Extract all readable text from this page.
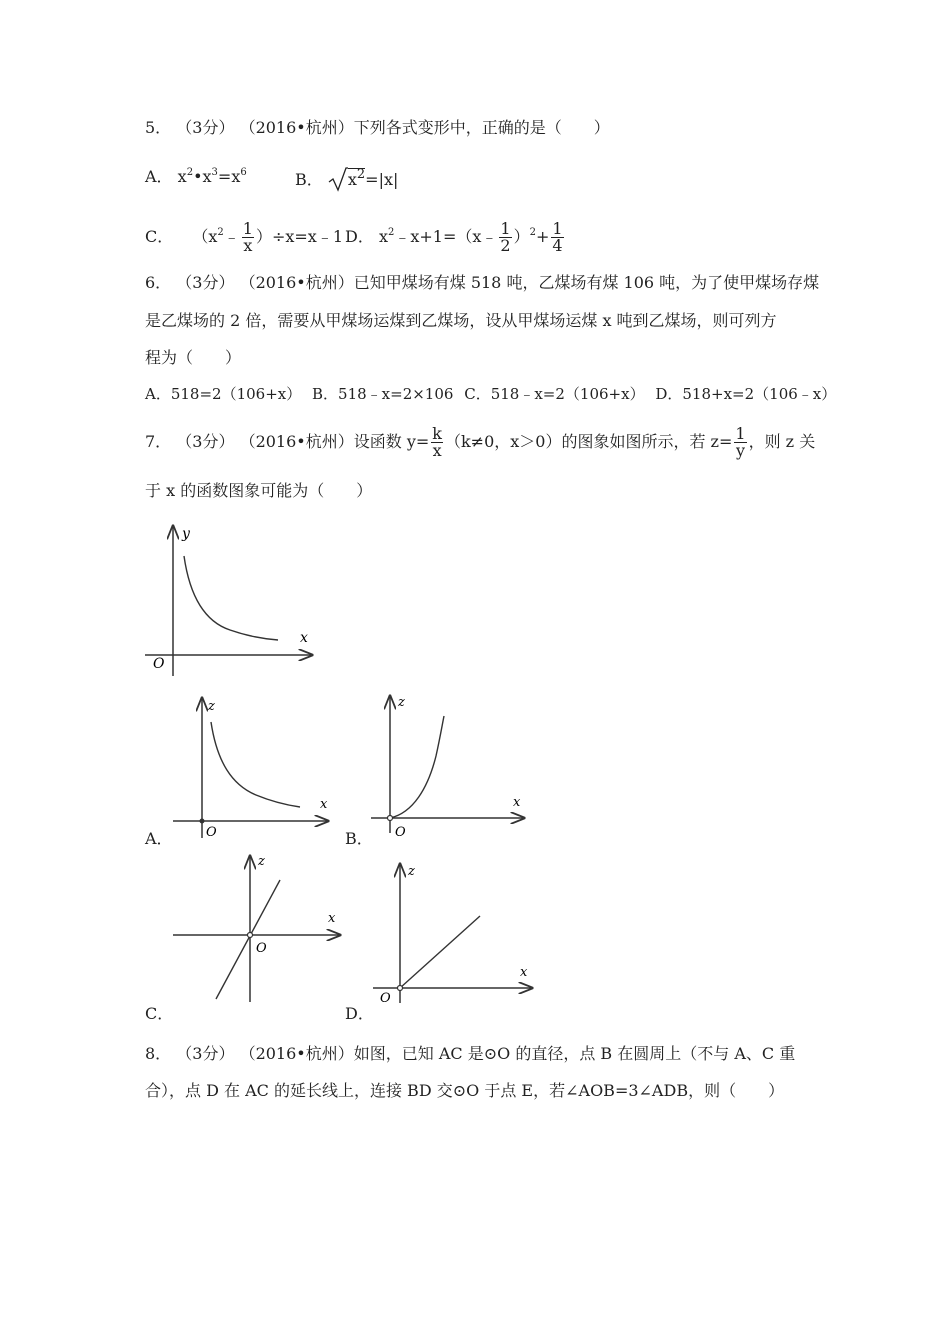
5． （3分） （2016•杭州）下列各式变形中，正确的是（　　）
A． $x^2•x^3=x^6$	B． $x^2=|x|$
C． （$x^2﹣ \frac{1}{x}$ ）÷x=x﹣1 D． $x^2﹣x+1=(x﹣ \frac{1}{2} )^2+ \frac{1}{4}$
6． （3分） （2016•杭州）已知甲煤场有煤 518 吨，乙煤场有煤 106 吨，为了使甲煤场存煤
是乙煤场的 2 倍，需要从甲煤场运煤到乙煤场，设从甲煤场运煤 x 吨到乙煤场，则可列方
程为（　　）
A．518=2（106+x） B．518﹣x=2×106 C．518﹣x=2（106+x） D．518+x=2（106﹣x）
7． （3分） （2016•杭州）设函数 $y= \frac{k}{x} (k\ne 0$，x＞0）的图象如图所示，若 $z= \frac{1}{y}$ ，则 z 关
于 x 的函数图象可能为（　　）
y
x
O
A．
z
x
O	B．
z
x
O
C．
z
x
O
D．
z
x
O
8． （3分） （2016•杭州）如图，已知 AC 是⊙O 的直径，点 B 在圆周上（不与 A、C 重
合），点 D 在 AC 的延长线上，连接 BD 交⊙O 于点 E，若∠AOB=3∠ADB，则（　　）
